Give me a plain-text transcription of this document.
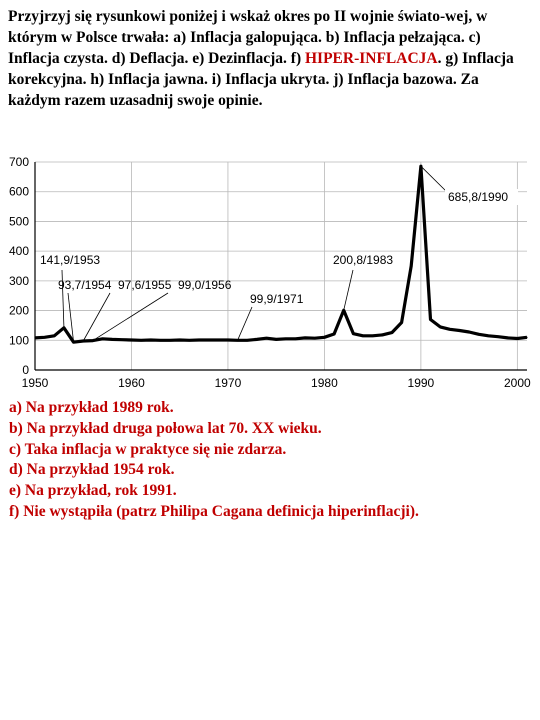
Przyjrzyj się rysunkowi poniżej i wskaż okres po II wojnie świato-wej, w którym w Polsce trwała: a) Inflacja galopująca. b) Inflacja pełzająca. c) Inflacja czysta. d) Deflacja. e) Dezinflacja. f) HIPER-INFLACJA. g) Inflacja korekcyjna. h) Inflacja jawna. i) Inflacja ukryta. j) Inflacja bazowa. Za każdym razem uzasadnij swoje opinie.
0
100
200
300
400
500
600
700
1950	1960	1970	1980	1990	2000
141,9/1953
93,7/1954 97,6/1955 99,0/1956
99,9/1971
200,8/1983
685,8/1990
a) Na przykład 1989 rok.
b) Na przykład druga połowa lat 70. XX wieku.
c) Taka inflacja w praktyce się nie zdarza.
d) Na przykład 1954 rok.
e) Na przykład, rok 1991.
f) Nie wystąpiła (patrz Philipa Cagana definicja hiperinflacji).
